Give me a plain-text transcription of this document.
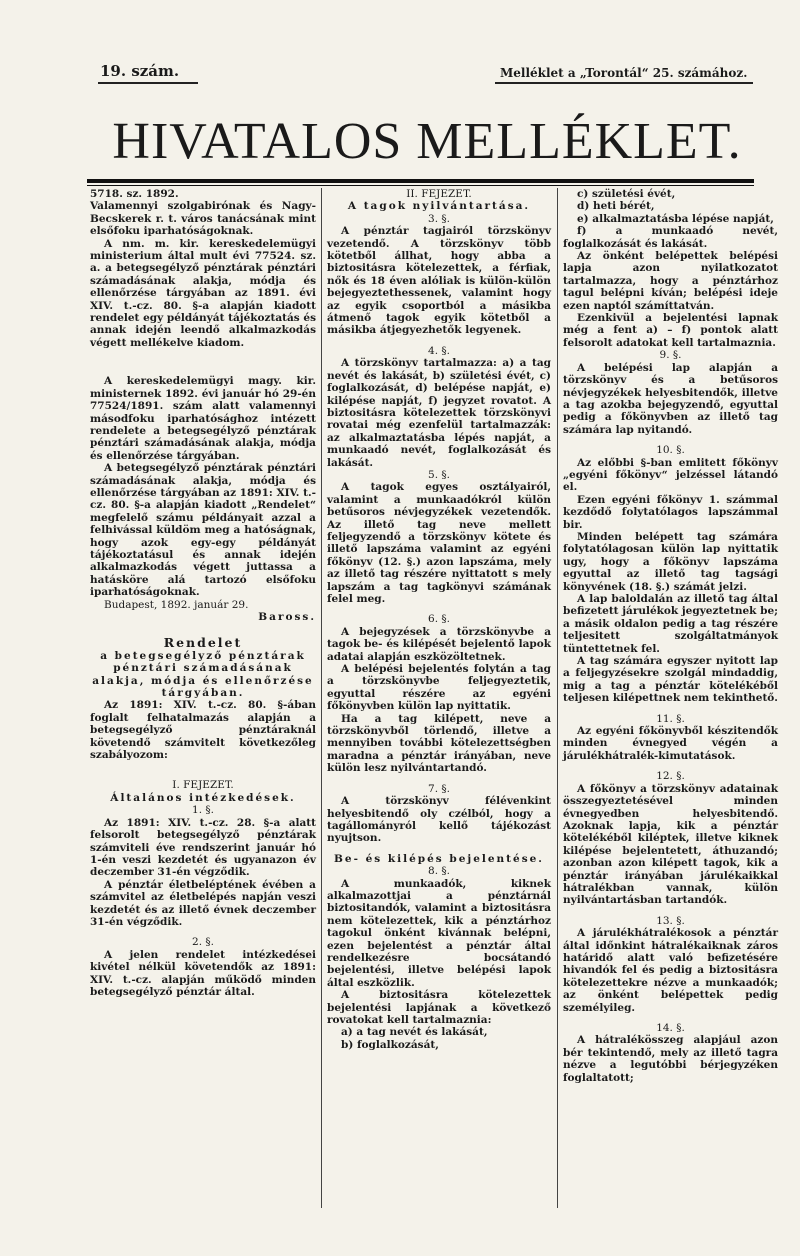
19. szám.	Melléklet a „Torontál“ 25. számához.
HIVATALOS MELLÉKLET.

5718. sz. 1892.

Valamennyi szolgabirónak és Nagy-Becskerek r. t. város tanácsának mint elsőfoku iparhatóságoknak.

A nm. m. kir. kereskedelemügyi ministerium által mult évi 77524. sz. a. a betegsegélyző pénztárak pénztári számadásának alakja, módja és ellenőrzése tárgyában az 1891. évi XIV. t.-cz. 80. §-a alapján kiadott rendelet egy példányát tájékoztatás és annak idején leendő alkalmazkodás végett mellékelve kiadom.

A kereskedelemügyi magy. kir. ministernek 1892. évi január hó 29-én 77524/1891. szám alatt valamennyi másodfoku iparhatósághoz intézett rendelete a betegsegélyző pénztárak pénztári számadásának alakja, módja és ellenőrzése tárgyában.

A betegsegélyző pénztárak pénztári számadásának alakja, módja és ellenőrzése tárgyában az 1891: XIV. t.-cz. 80. §-a alapján kiadott „Rendelet“ megfelelő számu példányait azzal a felhivással küldöm meg a hatóságnak, hogy azok egy-egy példányát tájékoztatásul és annak idején alkalmazkodás végett juttassa a hatásköre alá tartozó elsőfoku iparhatóságoknak.

Budapest, 1892. január 29.

Baross.

Rendelet

a betegsegélyző pénztárak pénztári számadásának alakja, módja és ellenőrzése tárgyában.

Az 1891: XIV. t.-cz. 80. §-ában foglalt felhatalmazás alapján a betegsegélyző pénztáraknál követendő számvitelt következőleg szabályozom:

I. FEJEZET.

Általános intézkedések.

1. §.

Az 1891: XIV. t.-cz. 28. §-a alatt felsorolt betegsegélyző pénztárak számviteli éve rendszerint január hó 1-én veszi kezdetét és ugyanazon év deczember 31-én végződik.

A pénztár életbeléptének évében a számvitel az életbelépés napján veszi kezdetét és az illető évnek deczember 31-én végződik.

2. §.

A jelen rendelet intézkedései kivétel nélkül követendők az 1891: XIV. t.-cz. alapján működő minden betegsegélyző pénztár által.

II. FEJEZET.

A tagok nyilvántartása.

3. §.

A pénztár tagjairól törzskönyv vezetendő. A törzskönyv több kötetből állhat, hogy abba a biztositásra kötelezettek, a férfiak, nők és 18 éven alóliak is külön-külön bejegyeztethessenek, valamint hogy az egyik csoportból a másikba átmenő tagok egyik kötetből a másikba átjegyezhetők legyenek.

4. §.

A törzskönyv tartalmazza: a) a tag nevét és lakását, b) születési évét, c) foglalkozását, d) belépése napját, e) kilépése napját, f) jegyzet rovatot. A biztositásra kötelezettek törzskönyvi rovatai még ezenfelül tartalmazzák: az alkalmaztatásba lépés napját, a munkaadó nevét, foglalkozását és lakását.

5. §.

A tagok egyes osztályairól, valamint a munkaadókról külön betűsoros névjegyzékek vezetendők. Az illető tag neve mellett feljegyzendő a törzskönyv kötete és illető lapszáma valamint az egyéni főkönyv (12. §.) azon lapszáma, mely az illető tag részére nyittatott s mely lapszám a tag tagkönyvi számának felel meg.

6. §.

A bejegyzések a törzskönyvbe a tagok be- és kilépését bejelentő lapok adatai alapján eszközöltetnek.

A belépési bejelentés folytán a tag a törzskönyvbe feljegyeztetik, egyuttal részére az egyéni főkönyvben külön lap nyittatik.

Ha a tag kilépett, neve a törzskönyvből törlendő, illetve a mennyiben további kötelezettségben maradna a pénztár irányában, neve külön lesz nyilvántartandó.

7. §.

A törzskönyv félévenkint helyesbitendő oly czélból, hogy a tagállományról kellő tájékozást nyujtson.

Be- és kilépés bejelentése.

8. §.

A munkaadók, kiknek alkalmazottjai a pénztárnál biztositandók, valamint a biztositásra nem kötelezettek, kik a pénztárhoz tagokul önként kivánnak belépni, ezen bejelentést a pénztár által rendelkezésre bocsátandó bejelentési, illetve belépési lapok által eszközlik.

A biztositásra kötelezettek bejelentési lapjának a következő rovatokat kell tartalmaznia:

a) a tag nevét és lakását,

b) foglalkozását,

c) születési évét,

d) heti bérét,

e) alkalmaztatásba lépése napját,

f) a munkaadó nevét, foglalkozását és lakását.

Az önként belépettek belépési lapja azon nyilatkozatot tartalmazza, hogy a pénztárhoz tagul belépni kíván; belépési ideje ezen naptól számíttatván.

Ezenkivül a bejelentési lapnak még a fent a) – f) pontok alatt felsorolt adatokat kell tartalmaznia.

9. §.

A belépési lap alapján a törzskönyv és a betűsoros névjegyzékek helyesbitendők, illetve a tag azokba bejegyzendő, egyuttal pedig a főkönyvben az illető tag számára lap nyitandó.

10. §.

Az előbbi §-ban emlitett főkönyv „egyéni főkönyv“ jelzéssel látandó el.

Ezen egyéni főkönyv 1. számmal kezdődő folytatólagos lapszámmal bir.

Minden belépett tag számára folytatólagosan külön lap nyittatik ugy, hogy a főkönyv lapszáma egyuttal az illető tag tagsági könyvének (18. §.) számát jelzi.

A lap baloldalán az illető tag által befizetett járulékok jegyeztetnek be; a másik oldalon pedig a tag részére teljesitett szolgáltatmányok tüntettetnek fel.

A tag számára egyszer nyitott lap a feljegyzésekre szolgál mindaddig, mig a tag a pénztár kötelékéből teljesen kilépettnek nem tekinthető.

11. §.

Az egyéni főkönyvből készitendők minden évnegyed végén a járulékhátralék-kimutatások.

12. §.

A főkönyv a törzskönyv adatainak összegyeztetésével minden évnegyedben helyesbitendő. Azoknak lapja, kik a pénztár kötelékéből kiléptek, illetve kiknek kilépése bejelentetett, áthuzandó; azonban azon kilépett tagok, kik a pénztár irányában járulékaikkal hátralékban vannak, külön nyilvántartásban tartandók.

13. §.

A járulékhátralékosok a pénztár által időnkint hátralékaiknak záros határidő alatt való befizetésére hivandók fel és pedig a biztositásra kötelezettekre nézve a munkaadók; az önként belépettek pedig személyileg.

14. §.

A hátralékösszeg alapjául azon bér tekintendő, mely az illető tagra nézve a legutóbbi bérjegyzéken foglaltatott;
